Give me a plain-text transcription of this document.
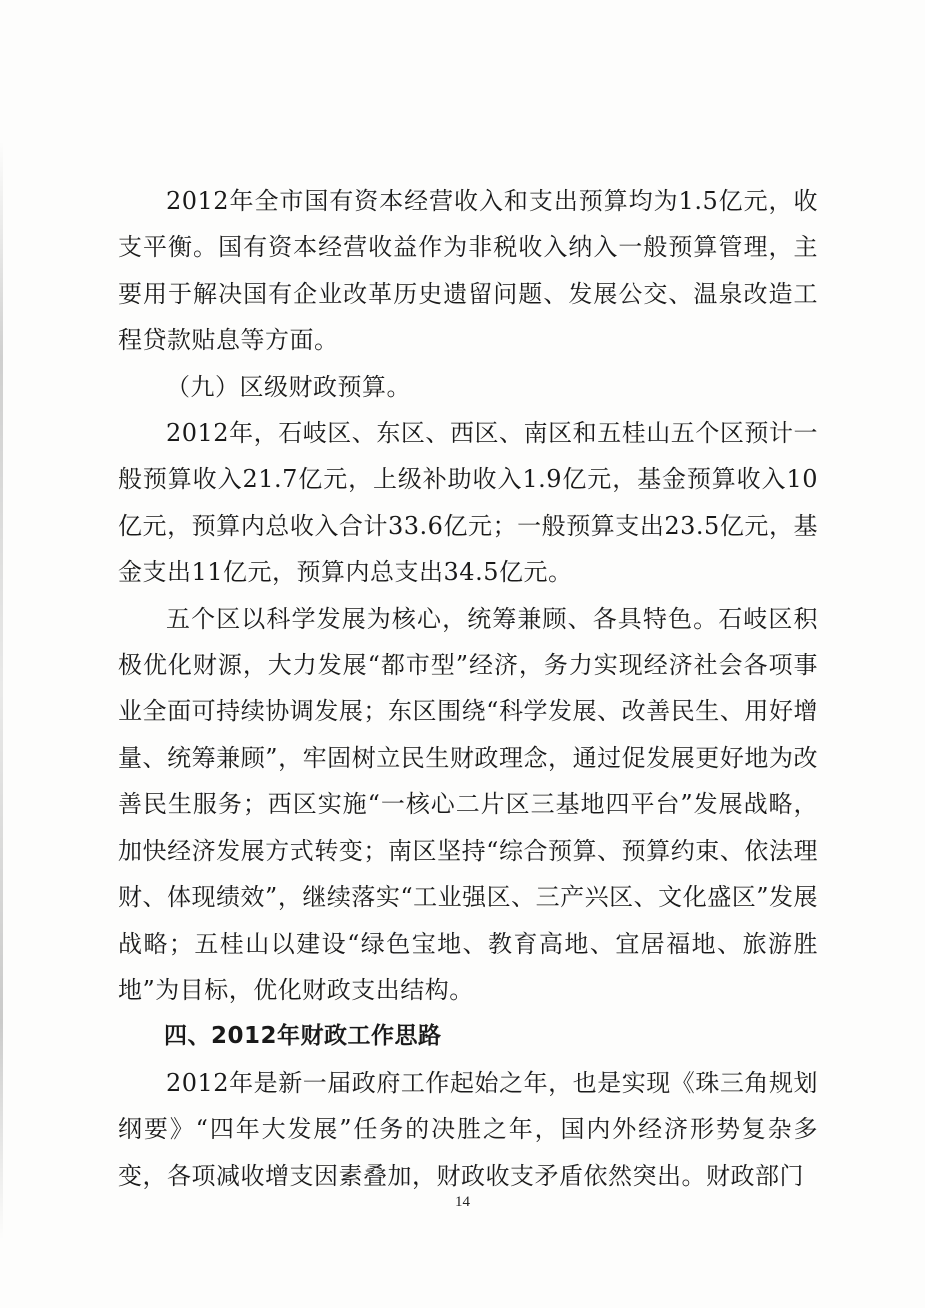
2012年全市国有资本经营收入和支出预算均为1.5亿元，收支平衡。国有资本经营收益作为非税收入纳入一般预算管理，主要用于解决国有企业改革历史遗留问题、发展公交、温泉改造工程贷款贴息等方面。

（九）区级财政预算。

2012年，石岐区、东区、西区、南区和五桂山五个区预计一般预算收入21.7亿元，上级补助收入1.9亿元，基金预算收入10亿元，预算内总收入合计33.6亿元；一般预算支出23.5亿元，基金支出11亿元，预算内总支出34.5亿元。

五个区以科学发展为核心，统筹兼顾、各具特色。石岐区积极优化财源，大力发展“都市型”经济，务力实现经济社会各项事业全面可持续协调发展；东区围绕“科学发展、改善民生、用好增量、统筹兼顾”，牢固树立民生财政理念，通过促发展更好地为改善民生服务；西区实施“一核心二片区三基地四平台”发展战略，加快经济发展方式转变；南区坚持“综合预算、预算约束、依法理财、体现绩效”，继续落实“工业强区、三产兴区、文化盛区”发展战略；五桂山以建设“绿色宝地、教育高地、宜居福地、旅游胜地”为目标，优化财政支出结构。

四、2012年财政工作思路

2012年是新一届政府工作起始之年，也是实现《珠三角规划纲要》“四年大发展”任务的决胜之年，国内外经济形势复杂多变，各项减收增支因素叠加，财政收支矛盾依然突出。财政部门

14
